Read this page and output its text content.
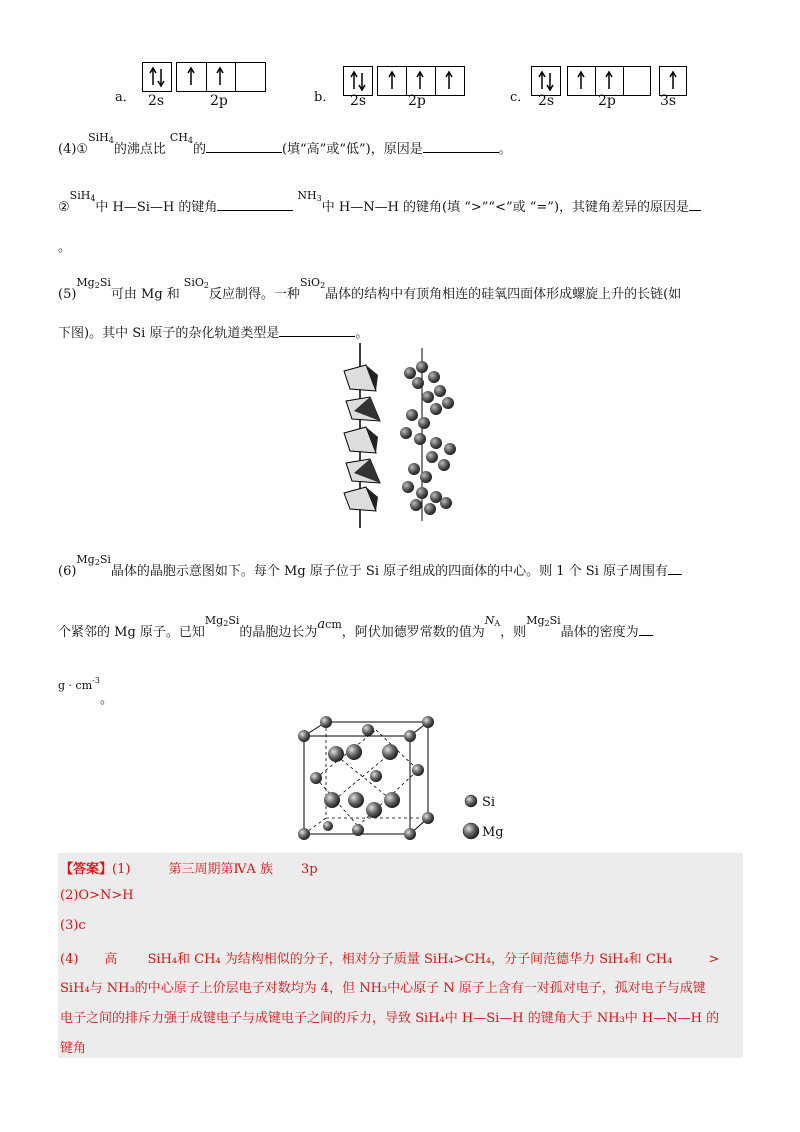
a． 2s	2p	b． 2s	2p	c． 2s	2p	3s
(4)①$^{SiH_4}$的沸点比$^{CH_4}$的	(填“高”或“低”)，原因是	。
②$^{SiH_4}$中 H—Si—H 的键角$^{NH_3}$中 H—N—H 的键角(填 “>”“<”或 “=”)，其键角差异的原因是
。
$(5)^{Mg_2Si}$可由 Mg 和$^{SiO_2}$反应制得。一种$^{SiO_2}$晶体的结构中有顶角相连的硅氧四面体形成螺旋上升的长链(如
下图)。其中 Si 原子的杂化轨道类型是	。
$(6)^{Mg_2Si}$晶体的晶胞示意图如下。每个 Mg 原子位于 Si 原子组成的四面体的中心。则 1 个 Si 原子周围有
个紧邻的 Mg 原子。已知$^{Mg_2Si}$的晶胞边长为acm，阿伏加德罗常数的值为$N_A$，则$^{Mg_2Si}$晶体的密度为
$g \cdot cm^{-3}$
。
Si
Mg
【答案】(1)	第三周期第ⅣA 族 3p
(2)O>N>H
(3)c
(4) 高 SiH₄和 CH₄ 为结构相似的分子，相对分子质量 SiH₄>CH₄，分子间范德华力 SiH₄和 CH₄	>
SiH₄与 NH₃的中心原子上价层电子对数均为 4，但 NH₃中心原子 N 原子上含有一对孤对电子，孤对电子与成键
电子之间的排斥力强于成键电子与成键电子之间的斥力，导致 SiH₄中 H—Si—H 的键角大于 NH₃中 H—N—H 的
键角
